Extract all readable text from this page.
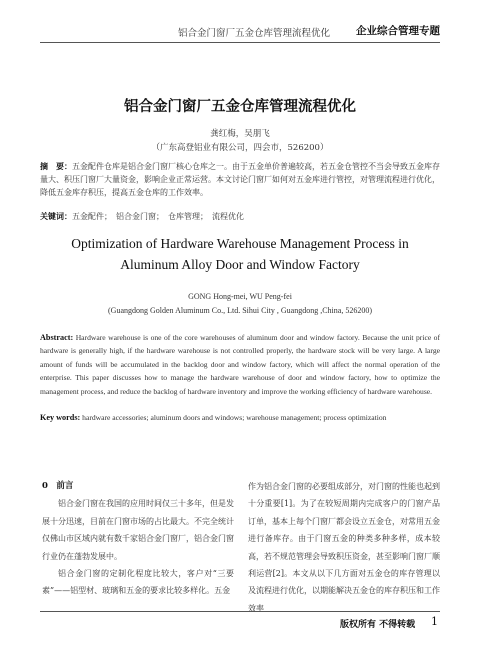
铝合金门窗厂五金仓库管理流程优化 企业综合管理专题
铝合金门窗厂五金仓库管理流程优化
龚红梅，吴朋飞
（广东高登铝业有限公司，四会市，526200）

摘　要：五金配件仓库是铝合金门窗厂核心仓库之一。由于五金单价普遍较高，若五金仓管控不当会导致五金库存量大、积压门窗厂大量资金，影响企业正常运营。本文讨论门窗厂如何对五金库进行管控，对管理流程进行优化，降低五金库存积压，提高五金仓库的工作效率。

关键词：五金配件；　铝合金门窗；　仓库管理；　流程优化

Optimization of Hardware Warehouse Management Process in Aluminum Alloy Door and Window Factory

GONG Hong-mei, WU Peng-fei
(Guangdong Golden Aluminum Co., Ltd. Sihui City , Guangdong ,China, 526200)

Abstract: Hardware warehouse is one of the core warehouses of aluminum door and window factory. Because the unit price of hardware is generally high, if the hardware warehouse is not controlled properly, the hardware stock will be very large. A large amount of funds will be accumulated in the backlog door and window factory, which will affect the normal operation of the enterprise. This paper discusses how to manage the hardware warehouse of door and window factory, how to optimize the management process, and reduce the backlog of hardware inventory and improve the working efficiency of hardware warehouse.

Key words: hardware accessories; aluminum doors and windows; warehouse management; process optimization

0　前言

铝合金门窗在我国的应用时间仅三十多年，但是发展十分迅速，目前在门窗市场的占比最大。不完全统计仅佛山市区域内就有数千家铝合金门窗厂，铝合金门窗行业仍在蓬勃发展中。

铝合金门窗的定制化程度比较大，客户对“三要素”——铝型材、玻璃和五金的要求比较多样化。五金

作为铝合金门窗的必要组成部分，对门窗的性能也起到十分重要[1]。为了在较短周期内完成客户的门窗产品订单，基本上每个门窗厂都会设立五金仓，对常用五金进行备库存。由于门窗五金的种类多种多样，成本较高，若不规范管理会导致积压资金，甚至影响门窗厂顺利运营[2]。本文从以下几方面对五金仓的库存管理以及流程进行优化，以期能解决五金仓的库存积压和工作效率

版权所有 不得转载 1
